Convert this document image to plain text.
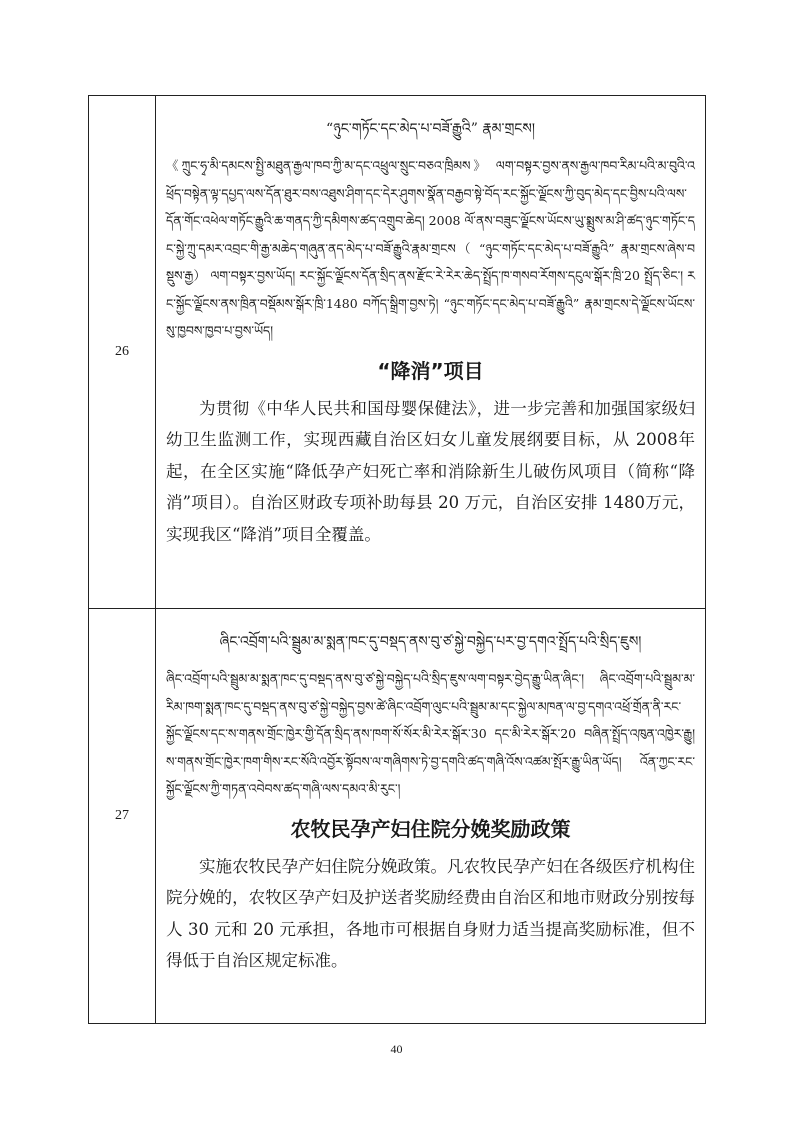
26	“ཉུང་གཏོང་དང་མེད་པ་བཟོ་རྒྱུའི” རྣམ་གྲངས།

《ཀྲུང་ཧྭ་མི་དམངས་སྤྱི་མཐུན་རྒྱལ་ཁབ་ཀྱི་མ་དང་འཕྲུལ་སྲུང་བཅའ་ཁྲིམས》 ལག་བསྟར་བྱས་ནས་རྒྱལ་ཁབ་རིམ་པའི་མ་བུའི་འཕྲོད་བསྟེན་ལྟ་དཔྱད་ལས་དོན་ཐུར་བས་འཐུས་ཤིག་དང་དེར་ཤུགས་སྣོན་བརྒྱབ་སྟེ་བོད་རང་སྐྱོང་ལྗོངས་ཀྱི་བུད་མེད་དང་བྱིས་པའི་ལས་དོན་གོང་འཕེལ་གཏོང་རྒྱུའི་ཆ་གནད་ཀྱི་དམིགས་ཚད་འགྲུབ་ཆེད། 2008 ལོ་ནས་བཟུང་ལྗོངས་ཡོངས་ཡུ་སྨྲུས་མ་ཤི་ཚད་ཉུང་གཏོང་དང་སྐྱེ་ཀྲུ་དམར་འབྲང་གི་རྒྱ་མཆེད་གཞུན་ནད་མེད་པ་བཟོ་རྒྱུའི་རྣམ་གྲངས（ “ཉུང་གཏོང་དང་མེད་པ་བཟོ་རྒྱུའི” རྣམ་གྲངས་ཞེས་བསྡུས་རྒྱ） ལག་བསྟར་བྱས་ཡོད། རང་སྐྱོང་ལྗོངས་དོན་སྲིད་ནས་རྫོང་རེ་རེར་ཆེད་སྤྲོད་ཁ་གསབ་རོགས་དངུལ་སྒོར་ཁྲི་20 སྤྲོད་ཅིང་། རང་སྐྱོང་ལྗོངས་ནས་ཁྲིན་བསྡོམས་སྒོར་ཁྲི་1480 བཀོད་སྒྲིག་བྱས་ཏེ། “ཉུང་གཏོང་དང་མེད་པ་བཟོ་རྒྱུའི” རྣམ་གྲངས་དེ་ལྗོངས་ཡོངས་སུ་ཁྱབས་ཁྱབ་པ་བྱས་ཡོད།

“降消”项目

为贯彻《中华人民共和国母婴保健法》，进一步完善和加强国家级妇幼卫生监测工作，实现西藏自治区妇女儿童发展纲要目标，从 2008年起，在全区实施“降低孕产妇死亡率和消除新生儿破伤风项目（简称“降消”项目）。自治区财政专项补助每县 20 万元，自治区安排 1480万元，实现我区“降消”项目全覆盖。

27	ཞིང་འབྲོག་པའི་སྦྲུམ་མ་སྨན་ཁང་དུ་བསྡད་ནས་བུ་ཙ་སྐྱེ་བསྐྱེད་པར་བྱ་དགའ་སྤྲོད་པའི་སྲིད་ཇུས།

ཞིང་འབྲོག་པའི་སྦྲུམ་མ་སྨན་ཁང་དུ་བསྡད་ནས་བུ་ཙ་སྐྱེ་བསྐྱེད་པའི་སྲིད་ཇུས་ལག་བསྟར་བྱེད་རྒྱུ་ཡིན་ཞིང་། ཞིང་འབྲོག་པའི་སྦྲུམ་མ་རིམ་ཁག་སྨན་ཁང་དུ་བསྡད་ནས་བུ་ཙ་སྐྱེ་བསྐྱེད་བྱས་ཚེ་ཞིང་འབྲོག་ལུང་པའི་སྦྲུམ་མ་དང་སྐྱེལ་མཁན་ལ་བྱ་དགའ་འཕྲོ་གྲོན་ནི་རང་སྐྱོང་ལྗོངས་དང་ས་གནས་གྲོང་ཁྱེར་གྱི་དོན་སྲིད་ནས་ཁག་སོ་སོར་མི་རེར་སྒོར་30 དང་མི་རེར་སྒོར་20 བཞིན་སྤྲོད་འཁུན་འཁྱེར་རྒྱུ། ས་གནས་གྲོང་ཁྱེར་ཁག་གིས་རང་སོའི་འབྱོར་སྟོབས་ལ་གཞིགས་ཏེ་བྱ་དགའི་ཚད་གཞི་འོས་འཚམ་སྤོར་རྒྱུ་ཡིན་ཡོད། འོན་ཀྱང་རང་སྐྱོང་ལྗོངས་ཀྱི་གཏན་འབེབས་ཚད་གཞི་ལས་དམའ་མི་རུང་།

农牧民孕产妇住院分娩奖励政策

实施农牧民孕产妇住院分娩政策。凡农牧民孕产妇在各级医疗机构住院分娩的，农牧区孕产妇及护送者奖励经费由自治区和地市财政分别按每人 30 元和 20 元承担，各地市可根据自身财力适当提高奖励标准，但不得低于自治区规定标准。

40
